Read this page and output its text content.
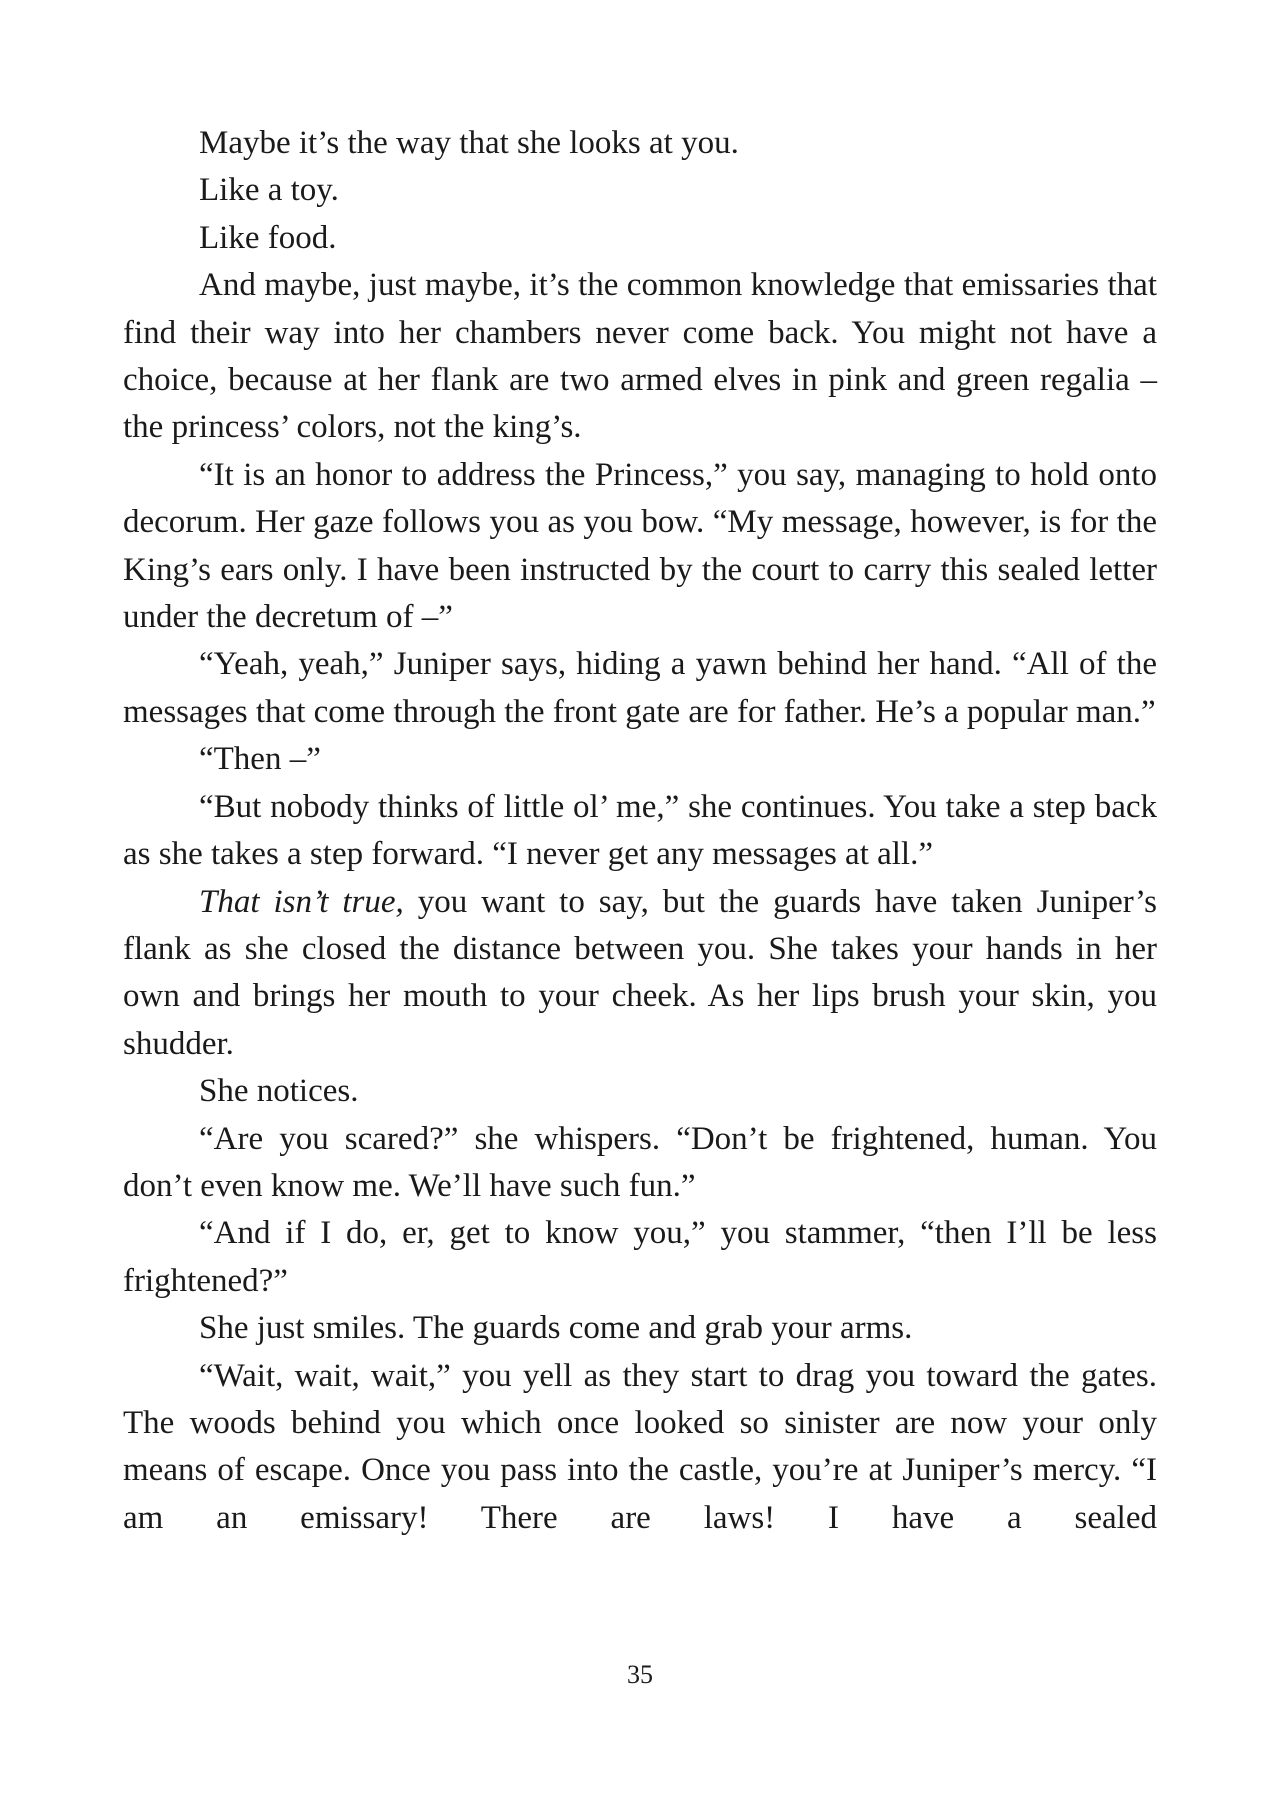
Maybe it’s the way that she looks at you.

Like a toy.

Like food.

And maybe, just maybe, it’s the common knowledge that emissaries that find their way into her chambers never come back. You might not have a choice, because at her flank are two armed elves in pink and green regalia – the princess’ colors, not the king’s.

“It is an honor to address the Princess,” you say, managing to hold onto decorum. Her gaze follows you as you bow. “My message, however, is for the King’s ears only. I have been instructed by the court to carry this sealed letter under the decretum of –”

“Yeah, yeah,” Juniper says, hiding a yawn behind her hand. “All of the messages that come through the front gate are for father. He’s a popular man.”

“Then –”

“But nobody thinks of little ol’ me,” she continues. You take a step back as she takes a step forward. “I never get any messages at all.”

That isn’t true, you want to say, but the guards have taken Juniper’s flank as she closed the distance between you. She takes your hands in her own and brings her mouth to your cheek. As her lips brush your skin, you shudder.

She notices.

“Are you scared?” she whispers. “Don’t be frightened, human. You don’t even know me. We’ll have such fun.”

“And if I do, er, get to know you,” you stammer, “then I’ll be less frightened?”

She just smiles. The guards come and grab your arms.

“Wait, wait, wait,” you yell as they start to drag you toward the gates. The woods behind you which once looked so sinister are now your only means of escape. Once you pass into the castle, you’re at Juniper’s mercy. “I am an emissary! There are laws! I have a sealed

35
